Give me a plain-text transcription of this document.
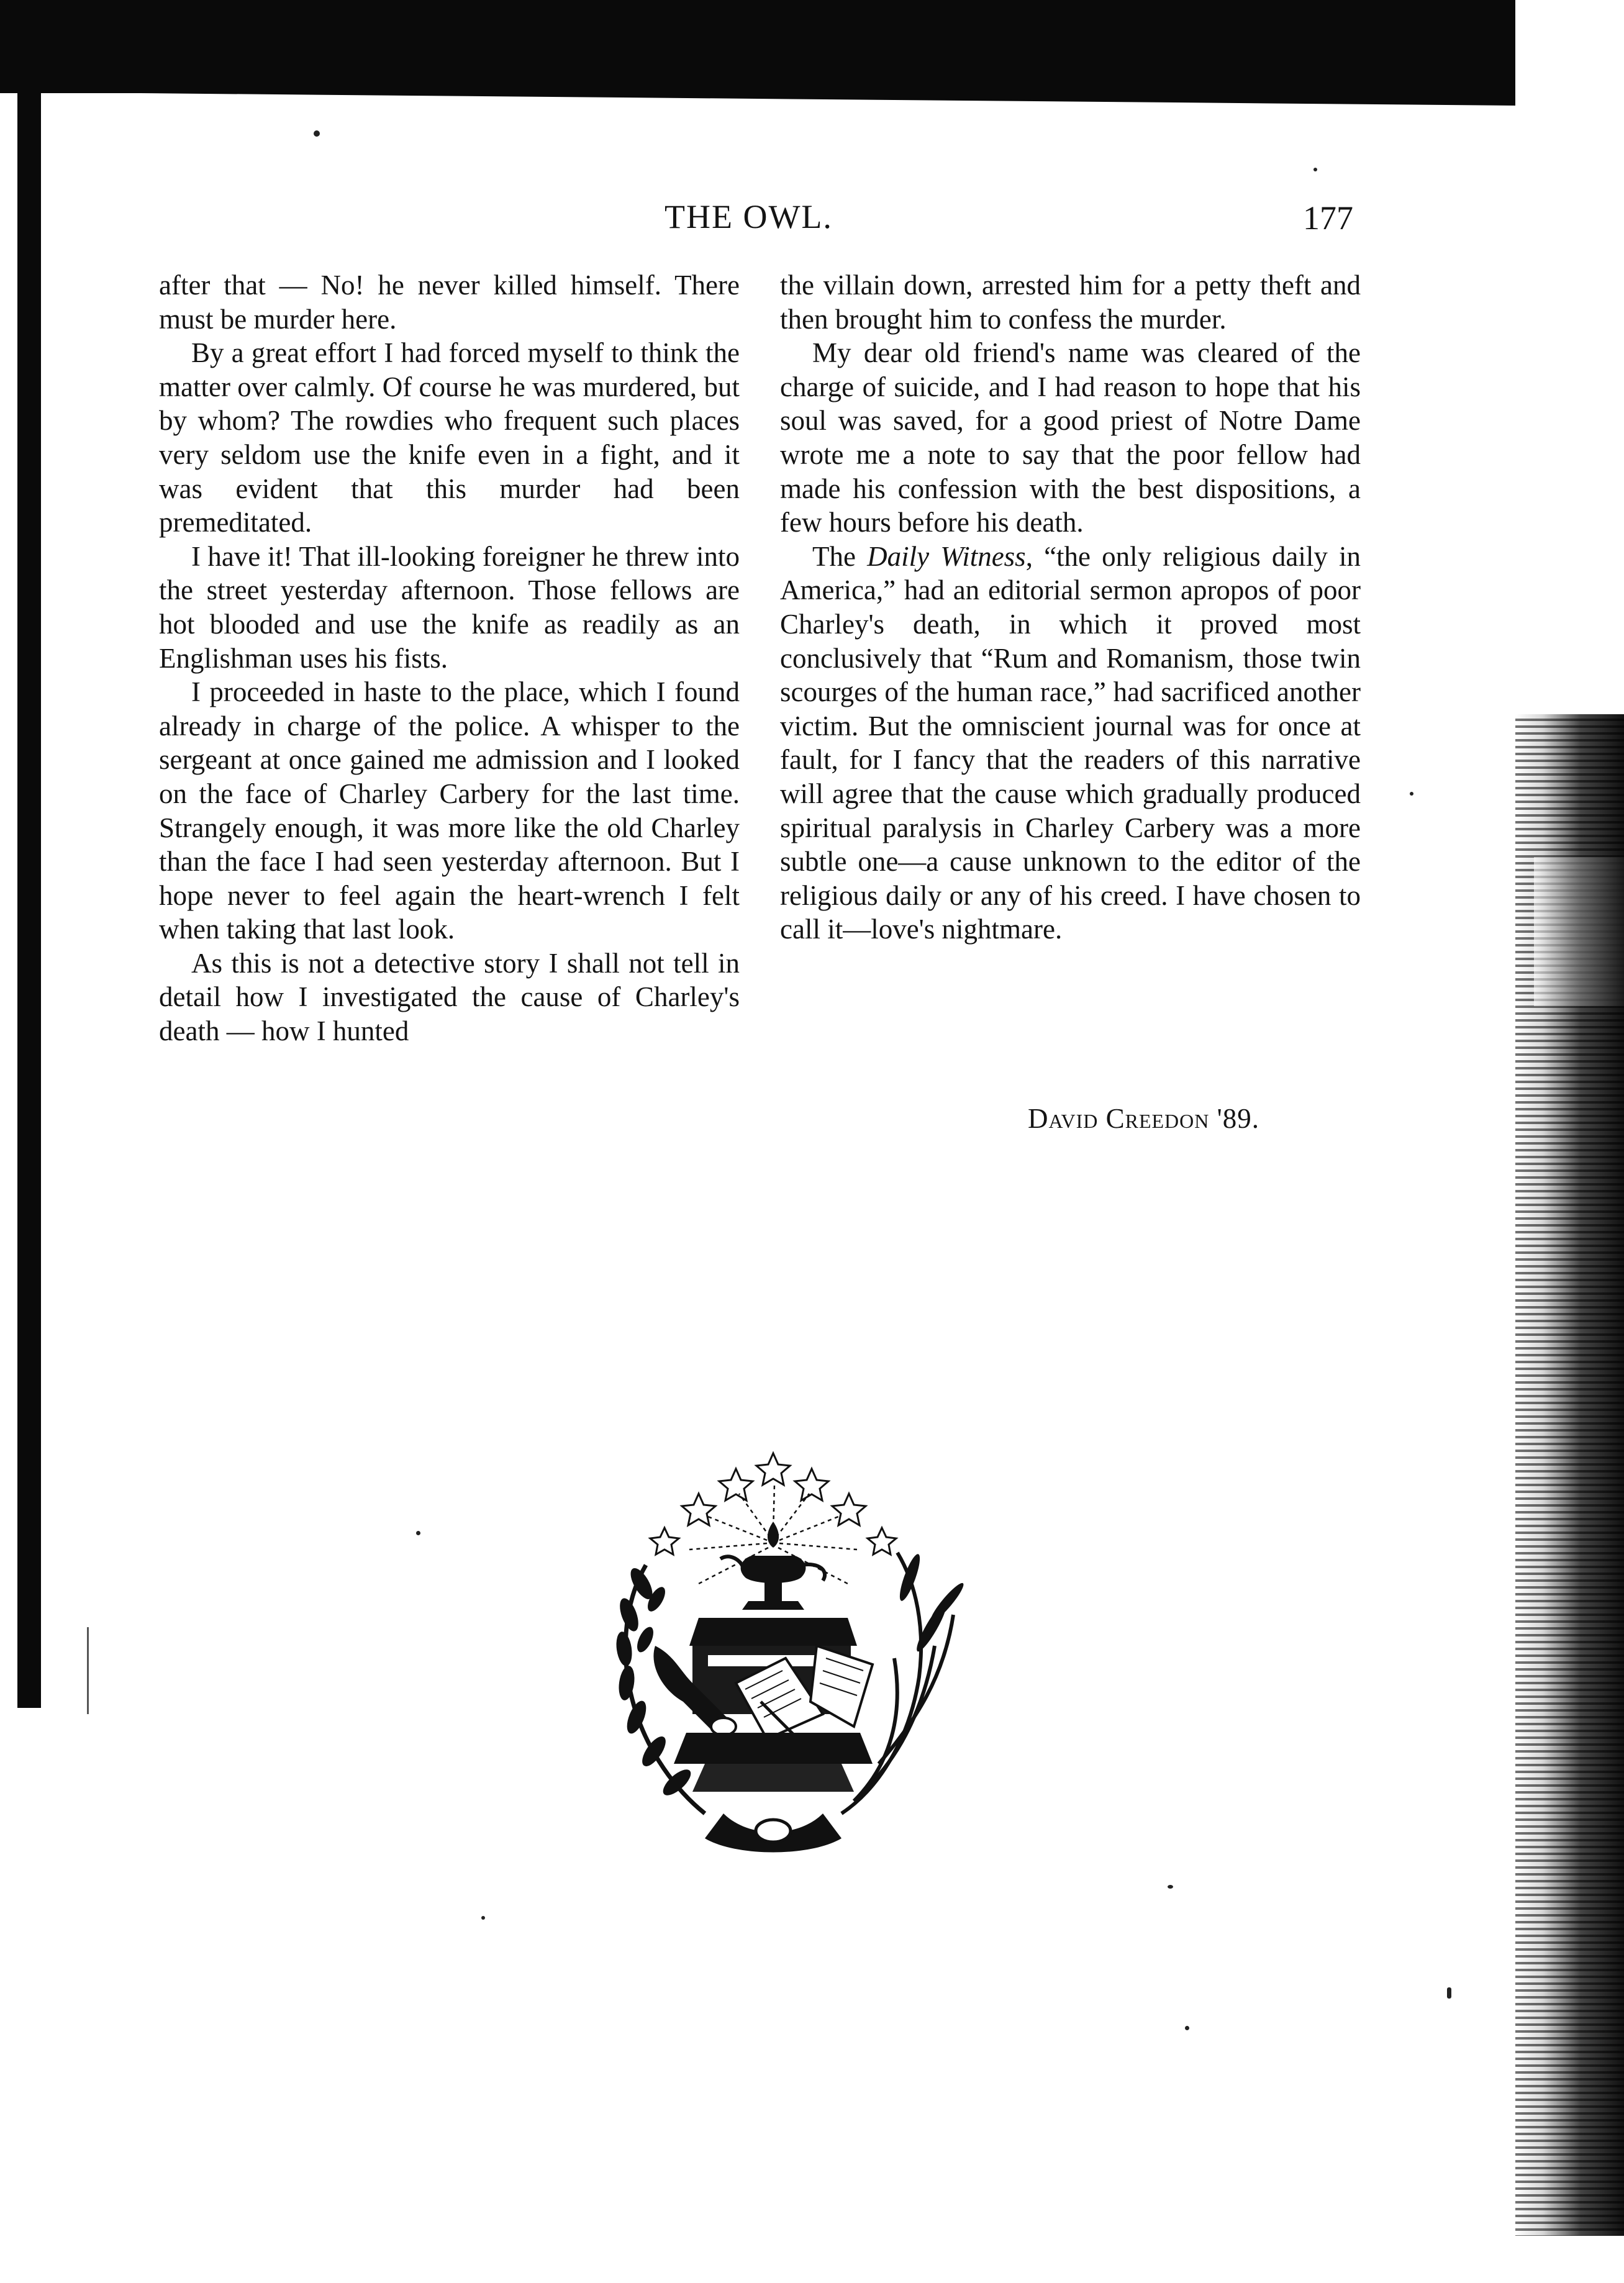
THE OWL.	177

after that — No! he never killed himself. There must be murder here.

By a great effort I had forced myself to think the matter over calmly. Of course he was murdered, but by whom? The rowdies who frequent such places very seldom use the knife even in a fight, and it was evident that this murder had been premeditated.

I have it! That ill-looking foreigner he threw into the street yesterday afternoon. Those fellows are hot blooded and use the knife as readily as an Englishman uses his fists.

I proceeded in haste to the place, which I found already in charge of the police. A whisper to the sergeant at once gained me admission and I looked on the face of Charley Carbery for the last time. Strangely enough, it was more like the old Charley than the face I had seen yesterday afternoon. But I hope never to feel again the heart-wrench I felt when taking that last look.

As this is not a detective story I shall not tell in detail how I investigated the cause of Charley's death — how I hunted

the villain down, arrested him for a petty theft and then brought him to confess the murder.

My dear old friend's name was cleared of the charge of suicide, and I had reason to hope that his soul was saved, for a good priest of Notre Dame wrote me a note to say that the poor fellow had made his confession with the best dispositions, a few hours before his death.

The Daily Witness, “the only religious daily in America,” had an editorial sermon apropos of poor Charley's death, in which it proved most conclusively that “Rum and Romanism, those twin scourges of the human race,” had sacrificed another victim. But the omniscient journal was for once at fault, for I fancy that the readers of this narrative will agree that the cause which gradually produced spiritual paralysis in Charley Carbery was a more subtle one—a cause unknown to the editor of the religious daily or any of his creed. I have chosen to call it—love's nightmare.

David Creedon '89.
